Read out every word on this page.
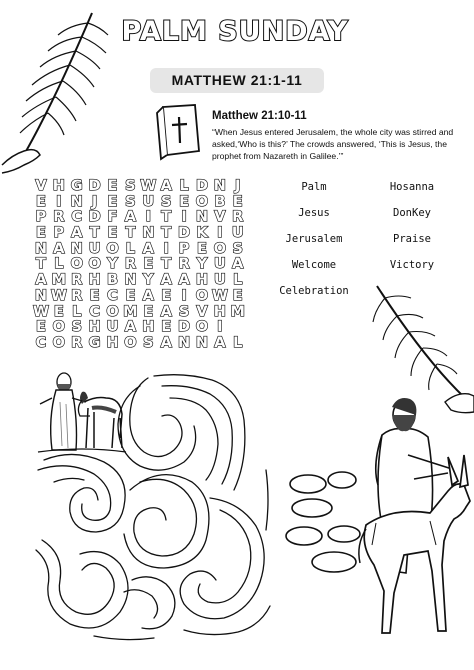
PALM SUNDAY
MATTHEW 21:1-11
Matthew 21:10-11
“When Jesus entered Jerusalem, the whole city was stirred and asked,‘Who is this?’ The crowds answered, ‘This is Jesus, the prophet from Nazareth in Galilee.’”
V H G D E S W A L D N J
E I N J E S U S E O B E
P R C D F A I T I N V R
E P A T E T N T D K I U
N A N U O L A I P E O S
T L O O Y R E T R Y U A
A M R H B N Y A A H U L
N W R E C E A E I O W E
W E L C O M E A S V H M
E O S H U A H E D O I
C O R G H O S A N N A L
Palm
Jesus
Jerusalem
Welcome
Celebration
Hosanna
DonKey
Praise
Victory
